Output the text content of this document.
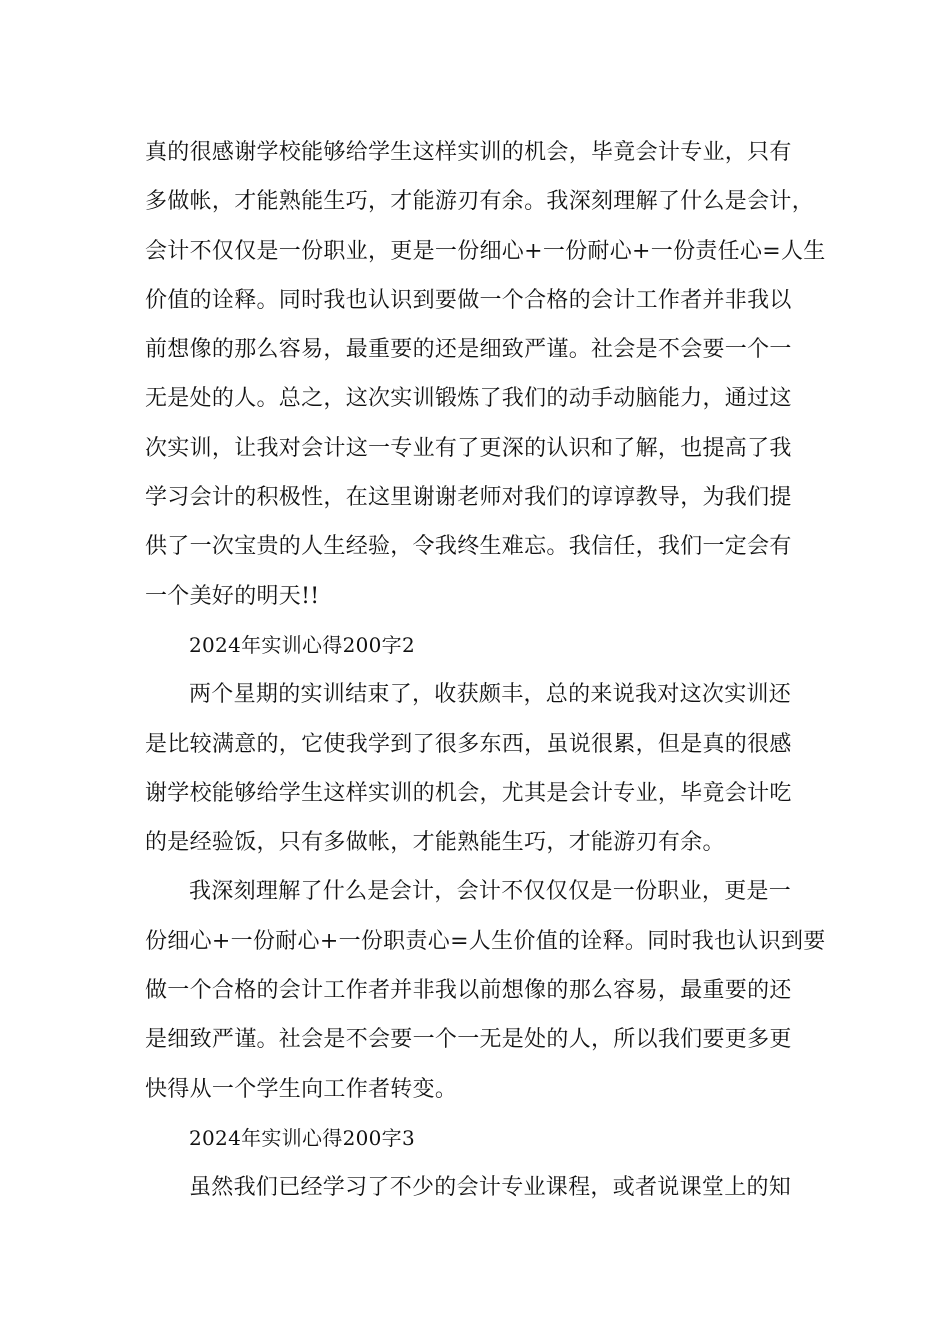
真的很感谢学校能够给学生这样实训的机会，毕竟会计专业，只有
多做帐，才能熟能生巧，才能游刃有余。我深刻理解了什么是会计，
会计不仅仅是一份职业，更是一份细心+一份耐心+一份责任心=人生
价值的诠释。同时我也认识到要做一个合格的会计工作者并非我以
前想像的那么容易，最重要的还是细致严谨。社会是不会要一个一
无是处的人。总之，这次实训锻炼了我们的动手动脑能力，通过这
次实训，让我对会计这一专业有了更深的认识和了解，也提高了我
学习会计的积极性，在这里谢谢老师对我们的谆谆教导，为我们提
供了一次宝贵的人生经验，令我终生难忘。我信任，我们一定会有
一个美好的明天!!
2024年实训心得200字2
两个星期的实训结束了，收获颇丰，总的来说我对这次实训还
是比较满意的，它使我学到了很多东西，虽说很累，但是真的很感
谢学校能够给学生这样实训的机会，尤其是会计专业，毕竟会计吃
的是经验饭，只有多做帐，才能熟能生巧，才能游刃有余。
我深刻理解了什么是会计，会计不仅仅仅是一份职业，更是一
份细心+一份耐心+一份职责心=人生价值的诠释。同时我也认识到要
做一个合格的会计工作者并非我以前想像的那么容易，最重要的还
是细致严谨。社会是不会要一个一无是处的人，所以我们要更多更
快得从一个学生向工作者转变。
2024年实训心得200字3
虽然我们已经学习了不少的会计专业课程，或者说课堂上的知
